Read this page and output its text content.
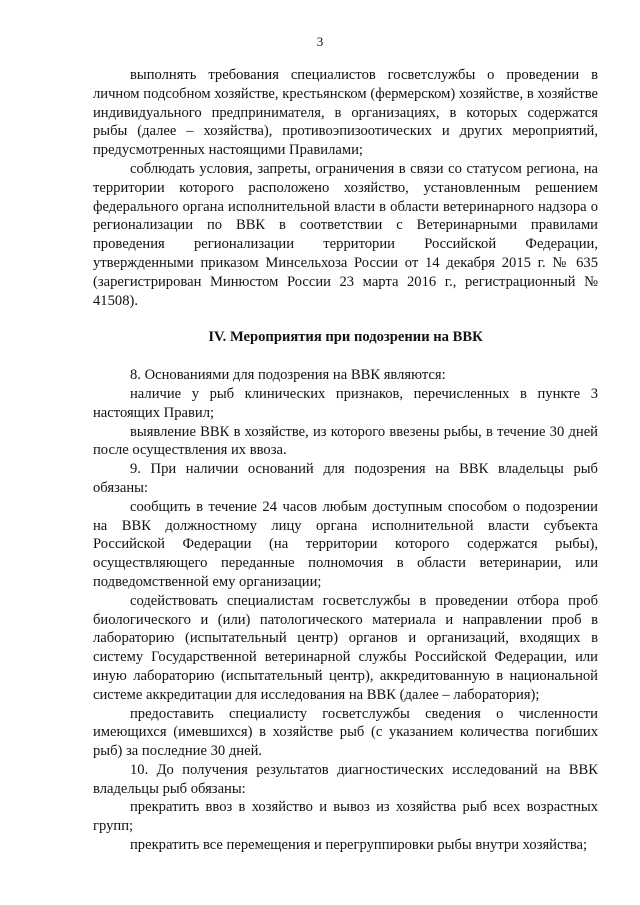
3

выполнять требования специалистов госветслужбы о проведении в личном подсобном хозяйстве, крестьянском (фермерском) хозяйстве, в хозяйстве индивидуального предпринимателя, в организациях, в которых содержатся рыбы (далее – хозяйства), противоэпизоотических и других мероприятий, предусмотренных настоящими Правилами;

соблюдать условия, запреты, ограничения в связи со статусом региона, на территории которого расположено хозяйство, установленным решением федерального органа исполнительной власти в области ветеринарного надзора о регионализации по ВВК в соответствии с Ветеринарными правилами проведения регионализации территории Российской Федерации, утвержденными приказом Минсельхоза России от 14 декабря 2015 г. № 635 (зарегистрирован Минюстом России 23 марта 2016 г., регистрационный № 41508).

IV. Мероприятия при подозрении на ВВК

8. Основаниями для подозрения на ВВК являются:

наличие у рыб клинических признаков, перечисленных в пункте 3 настоящих Правил;

выявление ВВК в хозяйстве, из которого ввезены рыбы, в течение 30 дней после осуществления их ввоза.

9. При наличии оснований для подозрения на ВВК владельцы рыб обязаны:

сообщить в течение 24 часов любым доступным способом о подозрении на ВВК должностному лицу органа исполнительной власти субъекта Российской Федерации (на территории которого содержатся рыбы), осуществляющего переданные полномочия в области ветеринарии, или подведомственной ему организации;

содействовать специалистам госветслужбы в проведении отбора проб биологического и (или) патологического материала и направлении проб в лабораторию (испытательный центр) органов и организаций, входящих в систему Государственной ветеринарной службы Российской Федерации, или иную лабораторию (испытательный центр), аккредитованную в национальной системе аккредитации для исследования на ВВК (далее – лаборатория);

предоставить специалисту госветслужбы сведения о численности имеющихся (имевшихся) в хозяйстве рыб (с указанием количества погибших рыб) за последние 30 дней.

10. До получения результатов диагностических исследований на ВВК владельцы рыб обязаны:

прекратить ввоз в хозяйство и вывоз из хозяйства рыб всех возрастных групп;

прекратить все перемещения и перегруппировки рыбы внутри хозяйства;
